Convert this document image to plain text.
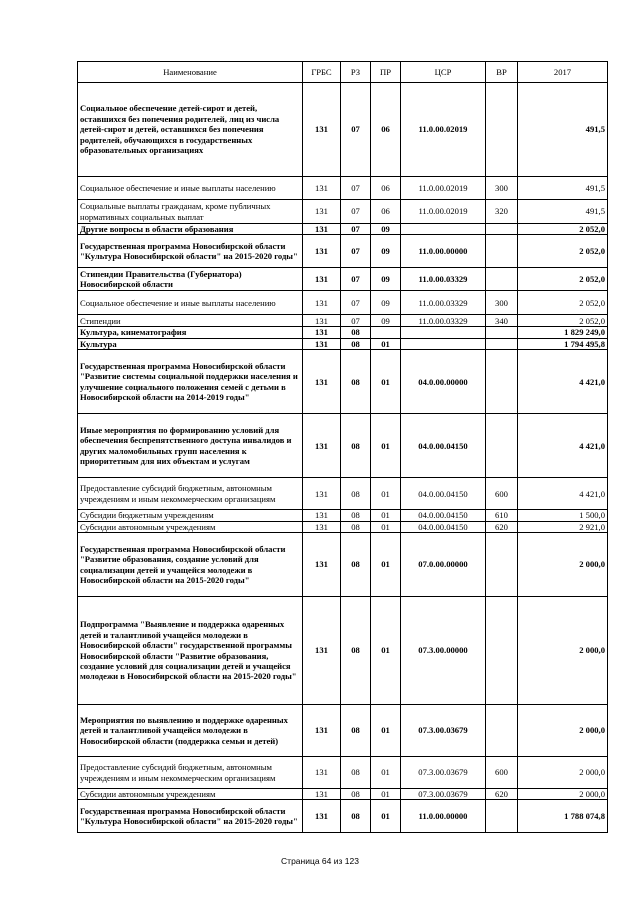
Наименование	ГРБС	РЗ	ПР	ЦСР	ВР	2017
Социальное обеспечение детей-сирот и детей, оставшихся без попечения родителей, лиц из числа детей-сирот и детей, оставшихся без попечения родителей, обучающихся в государственных образовательных организациях	131	07	06	11.0.00.02019		491,5
Социальное обеспечение и иные выплаты населению	131	07	06	11.0.00.02019	300	491,5
Социальные выплаты гражданам, кроме публичных нормативных социальных выплат	131	07	06	11.0.00.02019	320	491,5
Другие вопросы в области образования	131	07	09			2 052,0
Государственная программа Новосибирской области "Культура Новосибирской области" на 2015-2020 годы"	131	07	09	11.0.00.00000		2 052,0
Стипендии Правительства (Губернатора) Новосибирской области	131	07	09	11.0.00.03329		2 052,0
Социальное обеспечение и иные выплаты населению	131	07	09	11.0.00.03329	300	2 052,0
Стипендии	131	07	09	11.0.00.03329	340	2 052,0
Культура, кинематография	131	08				1 829 249,0
Культура	131	08	01			1 794 495,8
Государственная программа Новосибирской области "Развитие системы социальной поддержки населения и улучшение социального положения семей с детьми в Новосибирской области на 2014-2019 годы"	131	08	01	04.0.00.00000		4 421,0
Иные мероприятия по формированию условий для обеспечения беспрепятственного доступа инвалидов и других маломобильных групп населения к приоритетным для них объектам и услугам	131	08	01	04.0.00.04150		4 421,0
Предоставление субсидий бюджетным, автономным учреждениям и иным некоммерческим организациям	131	08	01	04.0.00.04150	600	4 421,0
Субсидии бюджетным учреждениям	131	08	01	04.0.00.04150	610	1 500,0
Субсидии автономным учреждениям	131	08	01	04.0.00.04150	620	2 921,0
Государственная программа Новосибирской области "Развитие образования, создание условий для социализации детей и учащейся молодежи в Новосибирской области на 2015-2020 годы"	131	08	01	07.0.00.00000		2 000,0
Подпрограмма "Выявление и поддержка одаренных детей и талантливой учащейся молодежи в Новосибирской области" государственной программы Новосибирской области "Развитие образования, создание условий для социализации детей и учащейся молодежи в Новосибирской области на 2015-2020 годы"	131	08	01	07.3.00.00000		2 000,0
Мероприятия по выявлению и поддержке одаренных детей и талантливой учащейся молодежи в Новосибирской области (поддержка семьи и детей)	131	08	01	07.3.00.03679		2 000,0
Предоставление субсидий бюджетным, автономным учреждениям и иным некоммерческим организациям	131	08	01	07.3.00.03679	600	2 000,0
Субсидии автономным учреждениям	131	08	01	07.3.00.03679	620	2 000,0
Государственная программа Новосибирской области "Культура Новосибирской области" на 2015-2020 годы"	131	08	01	11.0.00.00000		1 788 074,8
Страница 64 из 123
